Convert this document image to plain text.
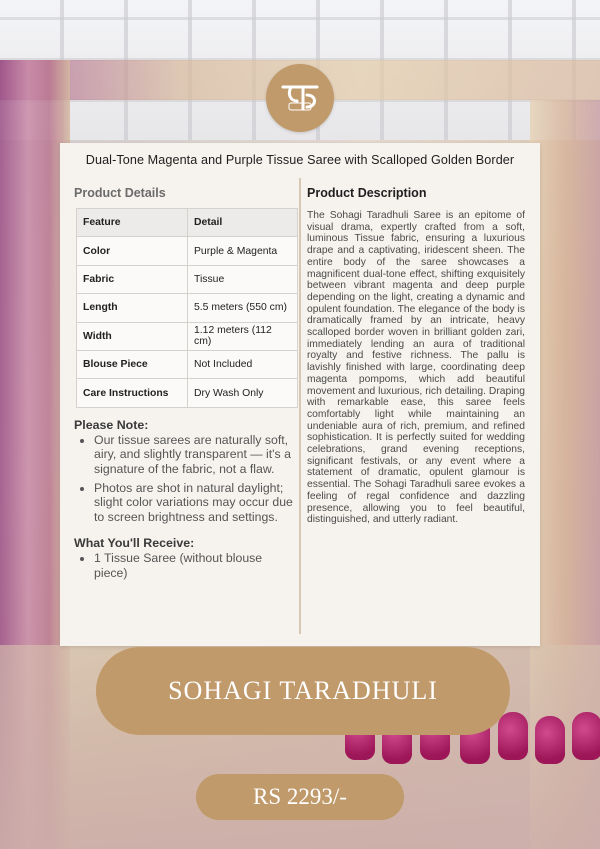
Dual-Tone Magenta and Purple Tissue Saree with Scalloped Golden Border
Product Details
Feature	Detail
Color	Purple & Magenta
Fabric	Tissue
Length	5.5 meters (550 cm)
Width	1.12 meters (112 cm)
Blouse Piece	Not Included
Care Instructions	Dry Wash Only
Please Note:
• Our tissue sarees are naturally soft, airy, and slightly transparent — it's a signature of the fabric, not a flaw.
• Photos are shot in natural daylight; slight color variations may occur due to screen brightness and settings.
What You'll Receive:
• 1 Tissue Saree (without blouse piece)
Product Description

The Sohagi Taradhuli Saree is an epitome of visual drama, expertly crafted from a soft, luminous Tissue fabric, ensuring a luxurious drape and a captivating, iridescent sheen. The entire body of the saree showcases a magnificent dual-tone effect, shifting exquisitely between vibrant magenta and deep purple depending on the light, creating a dynamic and opulent foundation. The elegance of the body is dramatically framed by an intricate, heavy scalloped border woven in brilliant golden zari, immediately lending an aura of traditional royalty and festive richness. The pallu is lavishly finished with large, coordinating deep magenta pompoms, which add beautiful movement and luxurious, rich detailing. Draping with remarkable ease, this saree feels comfortably light while maintaining an undeniable aura of rich, premium, and refined sophistication. It is perfectly suited for wedding celebrations, grand evening receptions, significant festivals, or any event where a statement of dramatic, opulent glamour is essential. The Sohagi Taradhuli saree evokes a feeling of regal confidence and dazzling presence, allowing you to feel beautiful, distinguished, and utterly radiant.

SOHAGI TARADHULI
RS 2293/-
